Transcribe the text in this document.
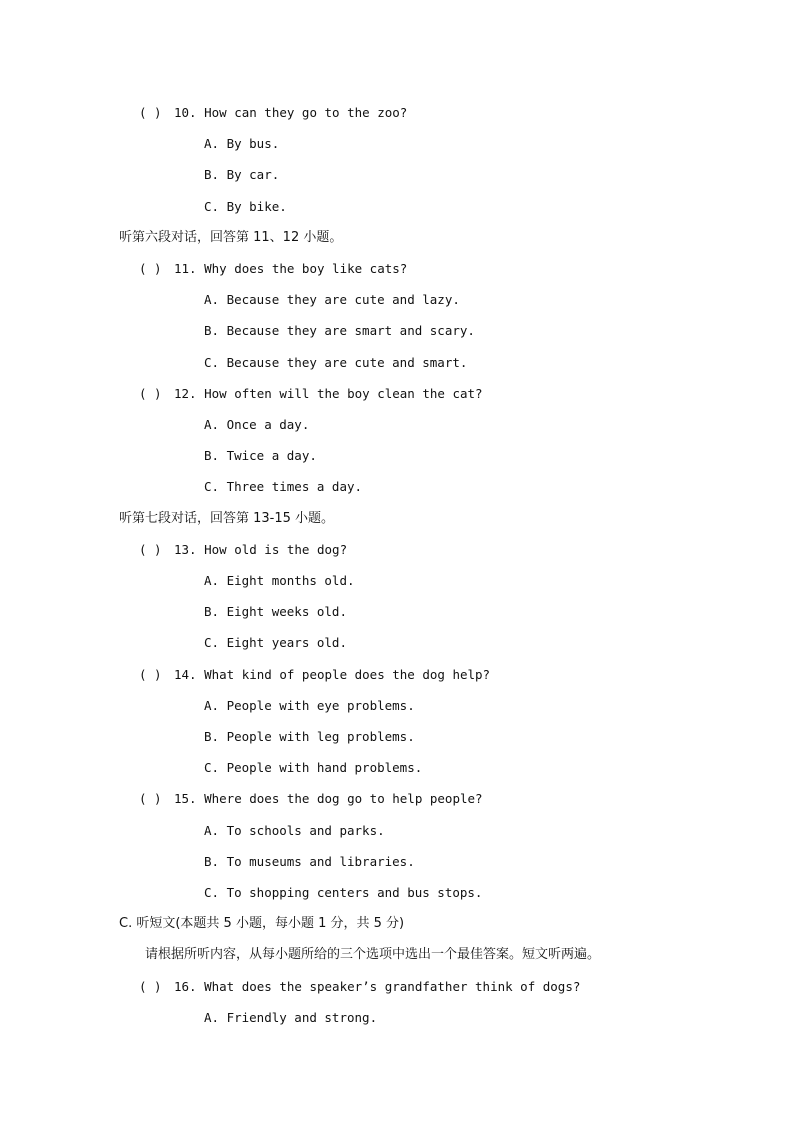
( ) 10. How can they go to the zoo?
A. By bus.
B. By car.
C. By bike.
听第六段对话，回答第 11、12 小题。
( ) 11. Why does the boy like cats?
A. Because they are cute and lazy.
B. Because they are smart and scary.
C. Because they are cute and smart.
( ) 12. How often will the boy clean the cat?
A. Once a day.
B. Twice a day.
C. Three times a day.
听第七段对话，回答第 13-15 小题。
( ) 13. How old is the dog?
A. Eight months old.
B. Eight weeks old.
C. Eight years old.
( ) 14. What kind of people does the dog help?
A. People with eye problems.
B. People with leg problems.
C. People with hand problems.
( ) 15. Where does the dog go to help people?
A. To schools and parks.
B. To museums and libraries.
C. To shopping centers and bus stops.
C. 听短文(本题共 5 小题，每小题 1 分，共 5 分)
请根据所听内容，从每小题所给的三个选项中选出一个最佳答案。短文听两遍。
( ) 16. What does the speaker’s grandfather think of dogs?
A. Friendly and strong.
